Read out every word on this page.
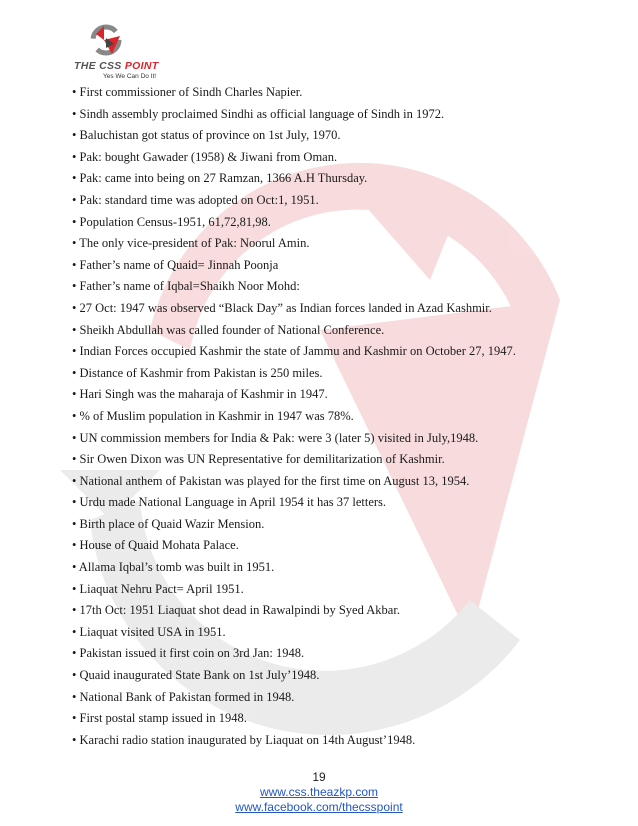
THE CSS POINT
Yes We Can Do It!
• First commissioner of Sindh Charles Napier.
• Sindh assembly proclaimed Sindhi as official language of Sindh in 1972.
• Baluchistan got status of province on 1st July, 1970.
• Pak: bought Gawader (1958) & Jiwani from Oman.
• Pak: came into being on 27 Ramzan, 1366 A.H Thursday.
• Pak: standard time was adopted on Oct:1, 1951.
• Population Census-1951, 61,72,81,98.
• The only vice-president of Pak: Noorul Amin.
• Father’s name of Quaid= Jinnah Poonja
• Father’s name of Iqbal=Shaikh Noor Mohd:
• 27 Oct: 1947 was observed “Black Day” as Indian forces landed in Azad Kashmir.
• Sheikh Abdullah was called founder of National Conference.
• Indian Forces occupied Kashmir the state of Jammu and Kashmir on October 27, 1947.
• Distance of Kashmir from Pakistan is 250 miles.
• Hari Singh was the maharaja of Kashmir in 1947.
• % of Muslim population in Kashmir in 1947 was 78%.
• UN commission members for India & Pak: were 3 (later 5) visited in July,1948.
• Sir Owen Dixon was UN Representative for demilitarization of Kashmir.
• National anthem of Pakistan was played for the first time on August 13, 1954.
• Urdu made National Language in April 1954 it has 37 letters.
• Birth place of Quaid Wazir Mension.
• House of Quaid Mohata Palace.
• Allama Iqbal’s tomb was built in 1951.
• Liaquat Nehru Pact= April 1951.
• 17th Oct: 1951 Liaquat shot dead in Rawalpindi by Syed Akbar.
• Liaquat visited USA in 1951.
• Pakistan issued it first coin on 3rd Jan: 1948.
• Quaid inaugurated State Bank on 1st July’1948.
• National Bank of Pakistan formed in 1948.
• First postal stamp issued in 1948.
• Karachi radio station inaugurated by Liaquat on 14th August’1948.
19
www.css.theazkp.com
www.facebook.com/thecsspoint
